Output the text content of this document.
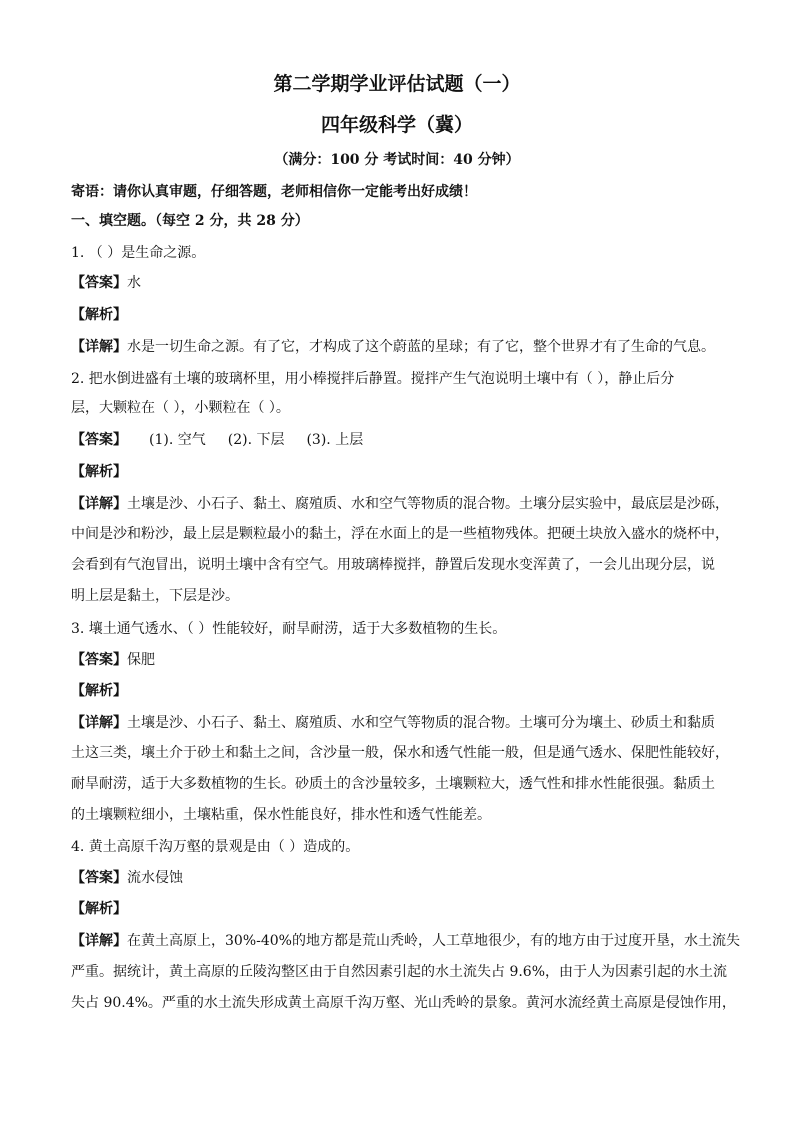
第二学期学业评估试题（一）
四年级科学（冀）
（满分：100 分 考试时间：40 分钟）
寄语：请你认真审题，仔细答题，老师相信你一定能考出好成绩！
一、填空题。（每空 2 分，共 28 分）
1. （ ）是生命之源。
【答案】水
【解析】
【详解】水是一切生命之源。有了它，才构成了这个蔚蓝的星球；有了它，整个世界才有了生命的气息。
2. 把水倒进盛有土壤的玻璃杯里，用小棒搅拌后静置。搅拌产生气泡说明土壤中有（ ），静止后分
层，大颗粒在（ ），小颗粒在（ ）。
【答案】 (1). 空气 (2). 下层 (3). 上层
【解析】
【详解】土壤是沙、小石子、黏土、腐殖质、水和空气等物质的混合物。土壤分层实验中，最底层是沙砾，
中间是沙和粉沙，最上层是颗粒最小的黏土，浮在水面上的是一些植物残体。把硬土块放入盛水的烧杯中，
会看到有气泡冒出，说明土壤中含有空气。用玻璃棒搅拌，静置后发现水变浑黄了，一会儿出现分层，说
明上层是黏土，下层是沙。
3. 壤土通气透水、（ ）性能较好，耐旱耐涝，适于大多数植物的生长。
【答案】保肥
【解析】
【详解】土壤是沙、小石子、黏土、腐殖质、水和空气等物质的混合物。土壤可分为壤土、砂质土和黏质
土这三类，壤土介于砂土和黏土之间，含沙量一般，保水和透气性能一般，但是通气透水、保肥性能较好，
耐旱耐涝，适于大多数植物的生长。砂质土的含沙量较多，土壤颗粒大，透气性和排水性能很强。黏质土
的土壤颗粒细小，土壤粘重，保水性能良好，排水性和透气性能差。
4. 黄土高原千沟万壑的景观是由（ ）造成的。
【答案】流水侵蚀
【解析】
【详解】在黄土高原上，30%-40%的地方都是荒山秃岭，人工草地很少，有的地方由于过度开垦，水土流失
严重。据统计，黄土高原的丘陵沟整区由于自然因素引起的水土流失占 9.6%，由于人为因素引起的水土流
失占 90.4%。严重的水土流失形成黄土高原千沟万壑、光山秃岭的景象。黄河水流经黄土高原是侵蚀作用，
